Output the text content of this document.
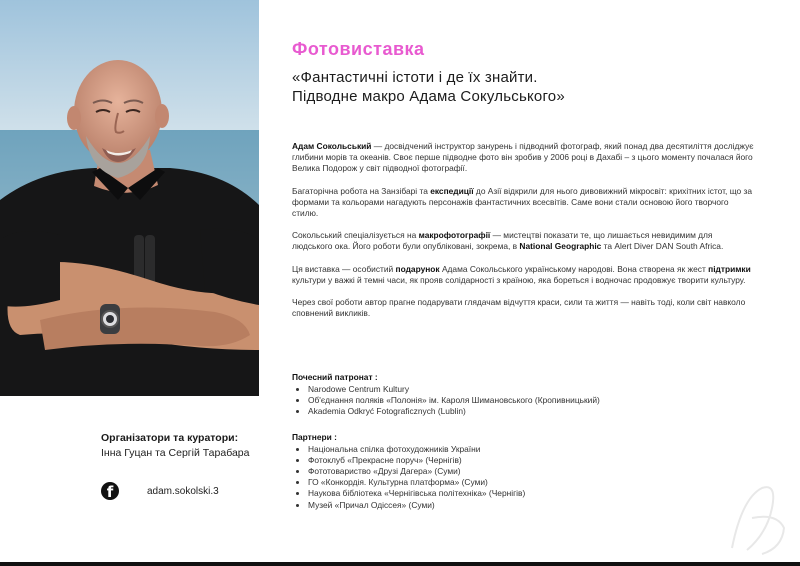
Фотовиставка
«Фантастичні істоти і де їх знайти.
Підводне макро Адама Сокульського»

Адам Сокольський — досвідчений інструктор занурень і підводний фотограф, який понад два десятиліття досліджує глибини морів та океанів. Своє перше підводне фото він зробив у 2006 році в Дахабі – з цього моменту почалася його Велика Подорож у світ підводної фотографії.

Багаторічна робота на Занзібарі та експедиції до Азії відкрили для нього дивовижний мікросвіт: крихітних істот, що за формами та кольорами нагадують персонажів фантастичних всесвітів. Саме вони стали основою його творчого стилю.

Сокольський спеціалізується на макрофотографії — мистецтві показати те, що лишається невидимим для людського ока. Його роботи були опубліковані, зокрема, в National Geographic та Alert Diver DAN South Africa.

Ця виставка — особистий подарунок Адама Сокольського українському народові. Вона створена як жест підтримки культури у важкі й темні часи, як прояв солідарності з країною, яка бореться і водночас продовжує творити культуру.

Через свої роботи автор прагне подарувати глядачам відчуття краси, сили та життя — навіть тоді, коли світ навколо сповнений викликів.

Почесний патронат :
• Narodowe Centrum Kultury
• Об'єднання поляків «Полонія» ім. Кароля Шимановського (Кропивницький)
• Akademia Odkryć Fotograficznych (Lublin)
Партнери :
• Національна спілка фотохудожників України
• Фотоклуб «Прекрасне поруч» (Чернігів)
• Фототовариство «Друзі Дагера» (Суми)
• ГО «Конкордія. Культурна платформа» (Суми)
• Наукова бібліотека «Чернігівська політехніка» (Чернігів)
• Музей «Причал Одіссея» (Суми)
Організатори та куратори:
Інна Гуцан та Сергій Тарабара
f	adam.sokolski.3
